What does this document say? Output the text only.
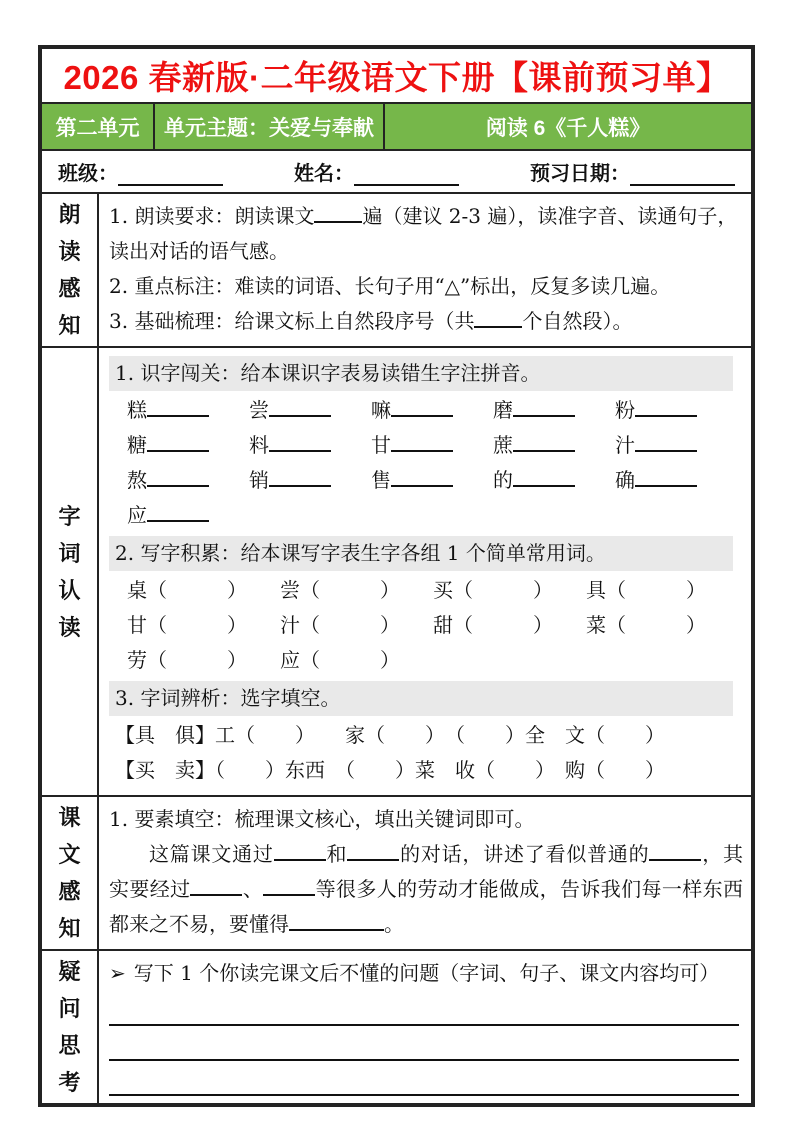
2026 春新版·二年级语文下册【课前预习单】
第二单元	单元主题：关爱与奉献	阅读 6《千人糕》
班级：	姓名：	预习日期：
朗读感知
1. 朗读要求：朗读课文 遍（建议 2-3 遍），读准字音、读通句子，读出对话的语气感。
2. 重点标注：难读的词语、长句子用“△”标出，反复多读几遍。
3. 基础梳理：给课文标上自然段序号（共 个自然段）。
字词认读
1. 识字闯关：给本课识字表易读错生字注拼音。
糕	尝	嘛	磨	粉
糖	料	甘	蔗	汁
熬	销	售	的	确
应
2. 写字积累：给本课写字表生字各组 1 个简单常用词。
桌（　　　）	尝（　　　）	买（　　　）	具（　　　）
甘（　　　）	汁（　　　）	甜（　　　）	菜（　　　）
劳（　　　）	应（　　　）
3. 字词辨析：选字填空。
【具　俱】工（　　）　　家（　　）　（　　）全　文（　　）
【买　卖】（　　）东西　（　　）菜　收（　　）　购（　　）
课文感知
1. 要素填空：梳理课文核心，填出关键词即可。

这篇课文通过	和	的对话，讲述了看似普通的	，其实要经过	、	等很多人的劳动才能做成，告诉我们每一样东西都来之不易，要懂得	。

疑问思考
➢ 写下 1 个你读完课文后不懂的问题（字词、句子、课文内容均可）
